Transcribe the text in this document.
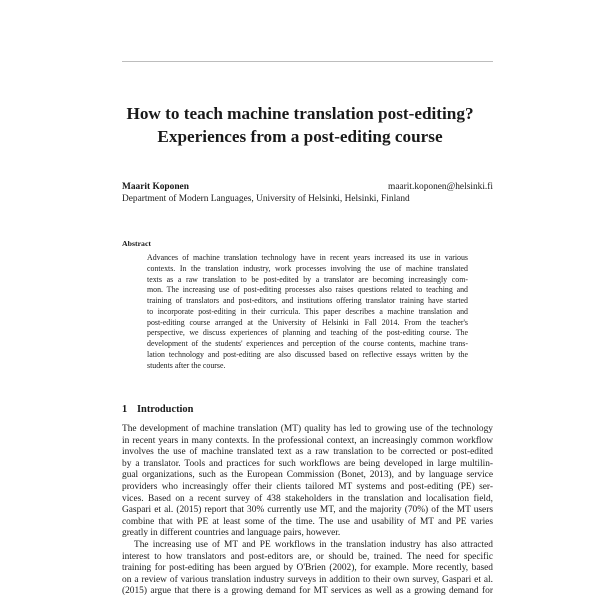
How to teach machine translation post-editing?
Experiences from a post-editing course
Maarit Koponen	maarit.koponen@helsinki.fi
Department of Modern Languages, University of Helsinki, Helsinki, Finland
Abstract
Advances of machine translation technology have in recent years increased its use in various
contexts. In the translation industry, work processes involving the use of machine translated
texts as a raw translation to be post-edited by a translator are becoming increasingly com-
mon. The increasing use of post-editing processes also raises questions related to teaching and
training of translators and post-editors, and institutions offering translator training have started
to incorporate post-editing in their curricula. This paper describes a machine translation and
post-editing course arranged at the University of Helsinki in Fall 2014. From the teacher's
perspective, we discuss experiences of planning and teaching of the post-editing course. The
development of the students' experiences and perception of the course contents, machine trans-
lation technology and post-editing are also discussed based on reflective essays written by the
students after the course.
1 Introduction
The development of machine translation (MT) quality has led to growing use of the technology
in recent years in many contexts. In the professional context, an increasingly common workflow
involves the use of machine translated text as a raw translation to be corrected or post-edited
by a translator. Tools and practices for such workflows are being developed in large multilin-
gual organizations, such as the European Commission (Bonet, 2013), and by language service
providers who increasingly offer their clients tailored MT systems and post-editing (PE) ser-
vices. Based on a recent survey of 438 stakeholders in the translation and localisation field,
Gaspari et al. (2015) report that 30% currently use MT, and the majority (70%) of the MT users
combine that with PE at least some of the time. The use and usability of MT and PE varies
greatly in different countries and language pairs, however.
The increasing use of MT and PE workflows in the translation industry has also attracted
interest to how translators and post-editors are, or should be, trained. The need for specific
training for post-editing has been argued by O'Brien (2002), for example. More recently, based
on a review of various translation industry surveys in addition to their own survey, Gaspari et al.
(2015) argue that there is a growing demand for MT services as well as a growing demand for
